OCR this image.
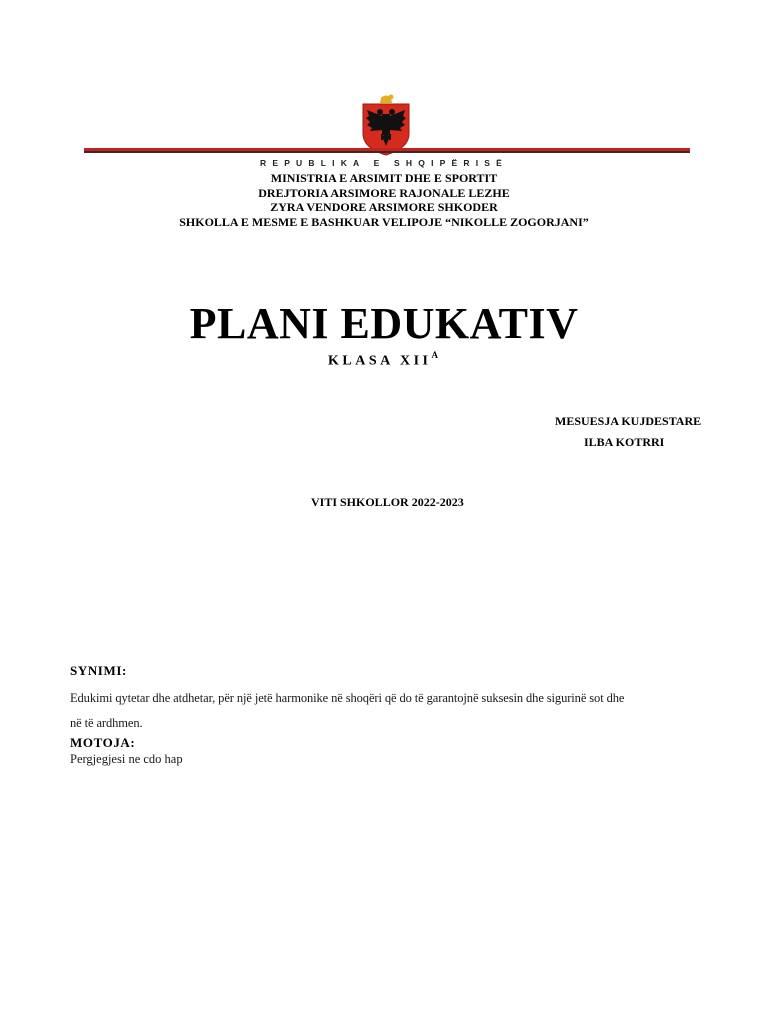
REPUBLIKA E SHQIPËRISË
MINISTRIA E ARSIMIT DHE E SPORTIT
DREJTORIA ARSIMORE RAJONALE LEZHE
ZYRA VENDORE ARSIMORE SHKODER
SHKOLLA E MESME E BASHKUAR VELIPOJE “NIKOLLE ZOGORJANI”
PLANI EDUKATIV
KLASA $XII^A$
MESUESJA KUJDESTARE
ILBA KOTRRI
VITI SHKOLLOR 2022-2023
SYNIMI:
Edukimi qytetar dhe atdhetar, për një jetë harmonike në shoqëri që do të garantojnë suksesin dhe sigurinë sot dhe
në të ardhmen.
MOTOJA:
Pergjegjesi ne cdo hap
